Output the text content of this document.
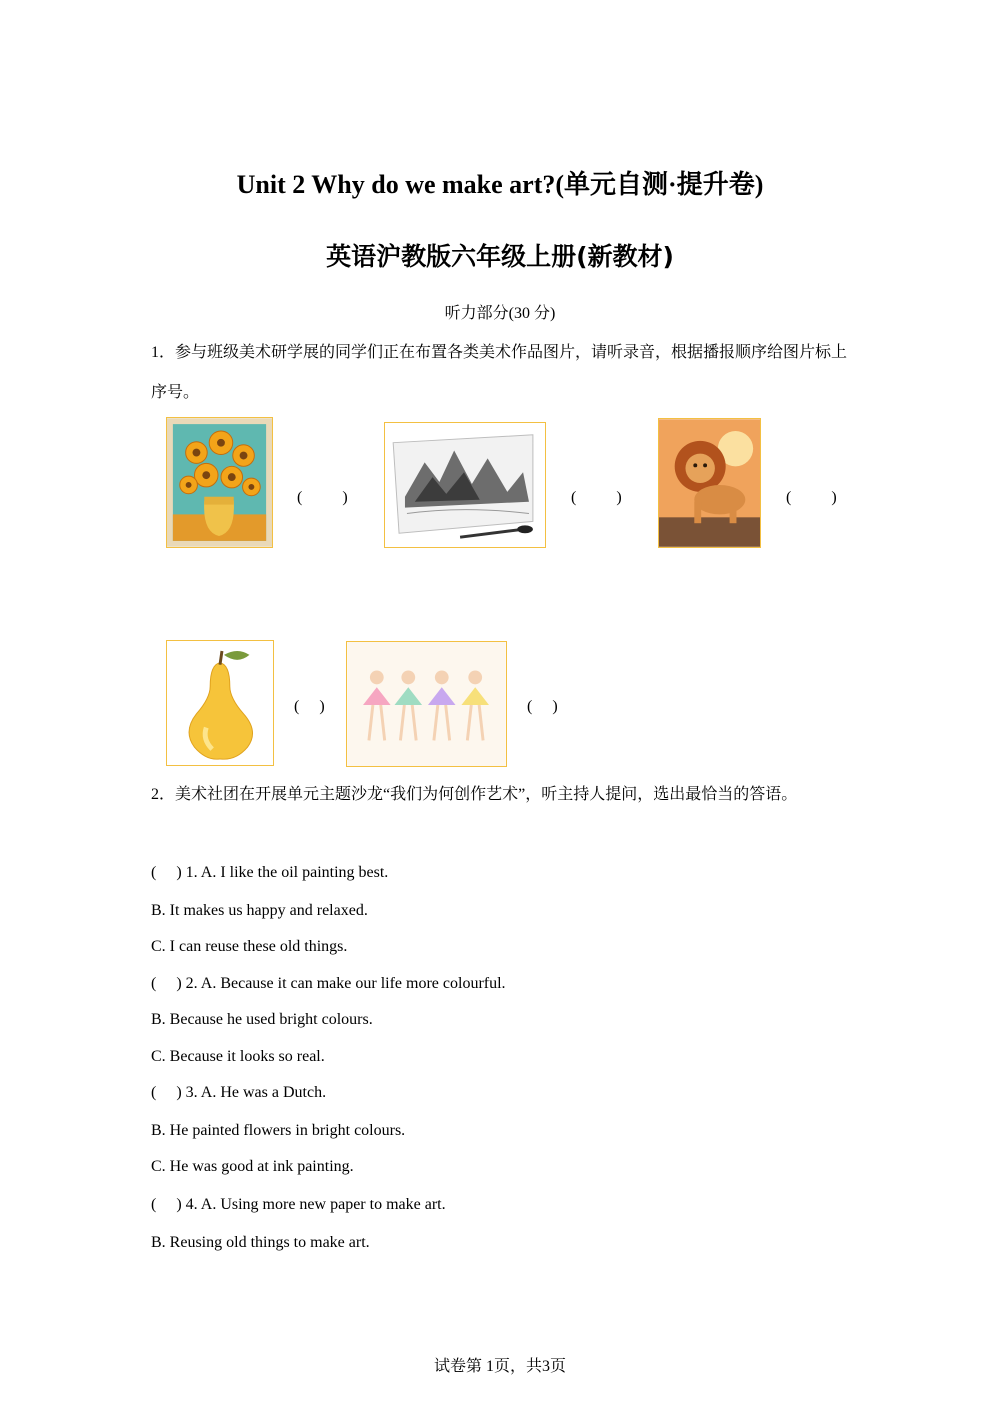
Unit 2 Why do we make art?(单元自测·提升卷)
英语沪教版六年级上册(新教材)
听力部分(30 分)
1．参与班级美术研学展的同学们正在布置各类美术作品图片，请听录音，根据播报顺序给图片标上序号。
(          )	(          )	(          )
(     )	(     )
2．美术社团在开展单元主题沙龙“我们为何创作艺术”，听主持人提问，选出最恰当的答语。
(     ) 1. A. I like the oil painting best.
B. It makes us happy and relaxed.
C. I can reuse these old things.
(     ) 2. A. Because it can make our life more colourful.
B. Because he used bright colours.
C. Because it looks so real.
(     ) 3. A. He was a Dutch.
B. He painted flowers in bright colours.
C. He was good at ink painting.
(     ) 4. A. Using more new paper to make art.
B. Reusing old things to make art.
试卷第 1页，共3页
